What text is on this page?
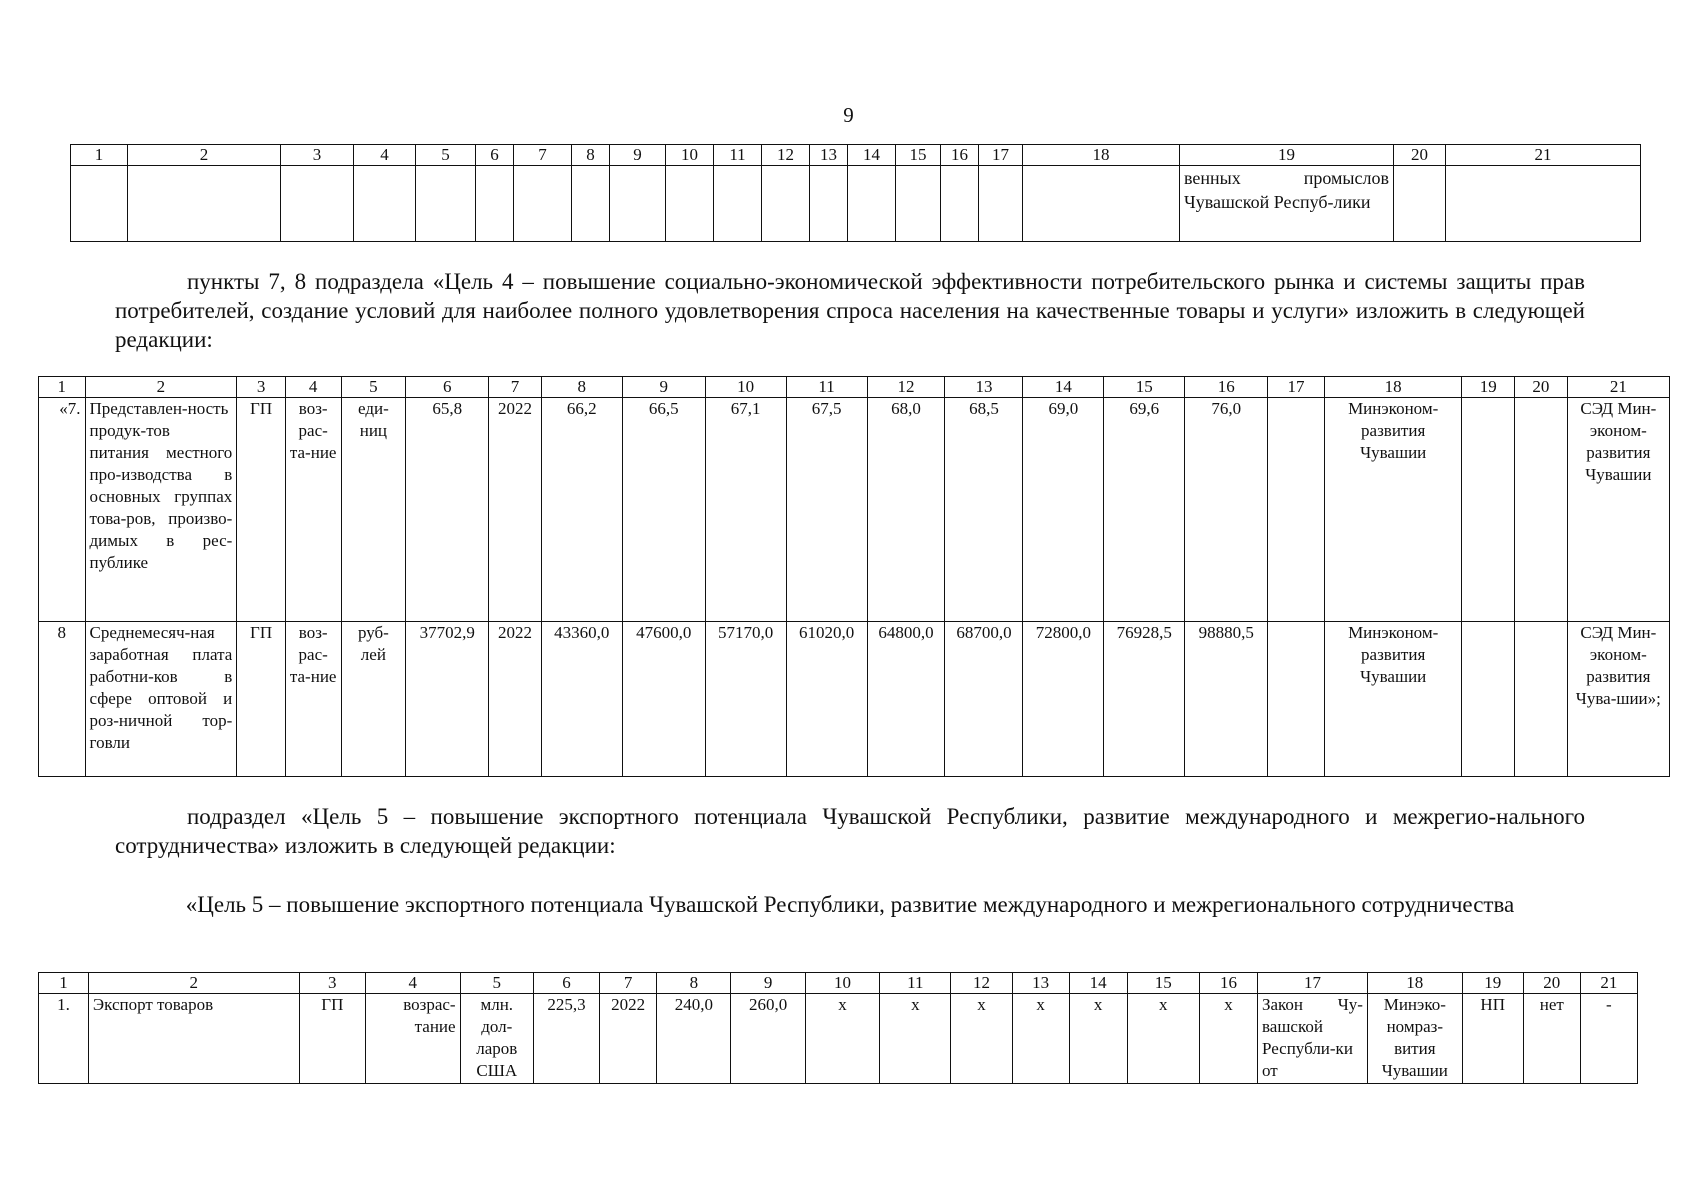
9
1	2	3	4	5	6	7	8	9	10	11	12	13	14	15	16	17	18	19	20	21
																		венных промыслов Чувашской Респуб-лики		
пункты 7, 8 подраздела «Цель 4 – повышение социально-экономической эффективности потребительского рынка и системы защиты прав потребителей, создание условий для наиболее полного удовлетворения спроса населения на качественные товары и услуги» изложить в следующей редакции:
1	2	3	4	5	6	7	8	9	10	11	12	13	14	15	16	17	18	19	20	21
«7.	Представлен-ность продук-тов питания местного про-изводства в основных группах това-ров, произво-димых в рес-публике	ГП	воз-рас-та-ние	еди-ниц	65,8	2022	66,2	66,5	67,1	67,5	68,0	68,5	69,0	69,6	76,0		Минэконом-развития Чувашии			СЭД Мин-эконом-развития Чувашии
8	Среднемесяч-ная заработная плата работни-ков в сфере оптовой и роз-ничной тор-говли	ГП	воз-рас-та-ние	руб-лей	37702,9	2022	43360,0	47600,0	57170,0	61020,0	64800,0	68700,0	72800,0	76928,5	98880,5		Минэконом-развития Чувашии			СЭД Мин-эконом-развития Чува-шии»;
подраздел «Цель 5 – повышение экспортного потенциала Чувашской Республики, развитие международного и межрегио-нального сотрудничества» изложить в следующей редакции:
«Цель 5 – повышение экспортного потенциала Чувашской Республики, развитие международного и межрегионального сотрудничества
1	2	3	4	5	6	7	8	9	10	11	12	13	14	15	16	17	18	19	20	21
1.	Экспорт товаров	ГП	возрас-тание	млн. дол-ларов США	225,3	2022	240,0	260,0	x	x	x	x	x	x	x	Закон Чу-вашской Республи-ки от	Минэко-номраз-вития Чувашии	НП	нет	-
